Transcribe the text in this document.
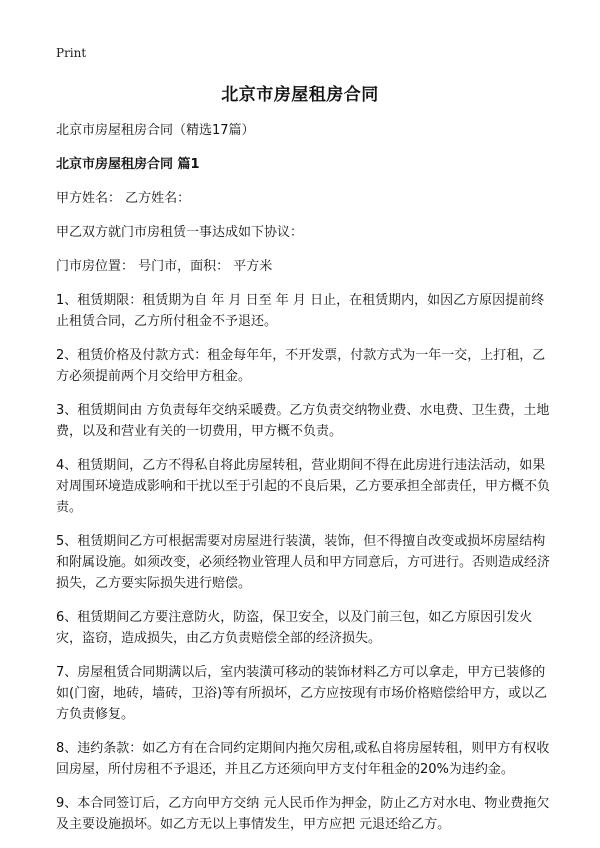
Print
北京市房屋租房合同

北京市房屋租房合同（精选17篇）

北京市房屋租房合同 篇1

甲方姓名： 乙方姓名：

甲乙双方就门市房租赁一事达成如下协议：

门市房位置： 号门市，面积： 平方米

1、租赁期限：租赁期为自 年 月 日至 年 月 日止，在租赁期内，如因乙方原因提前终止租赁合同，乙方所付租金不予退还。

2、租赁价格及付款方式：租金每年年，不开发票，付款方式为一年一交，上打租，乙方必须提前两个月交给甲方租金。

3、租赁期间由 方负责每年交纳采暖费。乙方负责交纳物业费、水电费、卫生费，土地费，以及和营业有关的一切费用，甲方概不负责。

4、租赁期间，乙方不得私自将此房屋转租，营业期间不得在此房进行违法活动，如果对周围环境造成影响和干扰以至于引起的不良后果，乙方要承担全部责任，甲方概不负责。

5、租赁期间乙方可根据需要对房屋进行装潢，装饰，但不得擅自改变或损坏房屋结构和附属设施。如须改变，必须经物业管理人员和甲方同意后，方可进行。否则造成经济损失，乙方要实际损失进行赔偿。

6、租赁期间乙方要注意防火，防盗，保卫安全，以及门前三包，如乙方原因引发火灾，盗窃，造成损失，由乙方负责赔偿全部的经济损失。

7、房屋租赁合同期满以后，室内装潢可移动的装饰材料乙方可以拿走，甲方已装修的如(门窗，地砖，墙砖，卫浴)等有所损坏，乙方应按现有市场价格赔偿给甲方，或以乙方负责修复。

8、违约条款：如乙方有在合同约定期间内拖欠房租,或私自将房屋转租，则甲方有权收回房屋，所付房租不予退还，并且乙方还须向甲方支付年租金的20%为违约金。

9、本合同签订后，乙方向甲方交纳 元人民币作为押金，防止乙方对水电、物业费拖欠及主要设施损坏。如乙方无以上事情发生，甲方应把 元退还给乙方。
